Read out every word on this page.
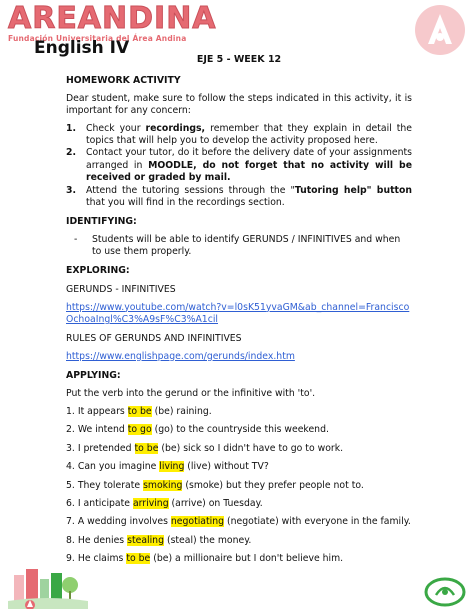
AREANDINA
Fundación Universitaria del Área Andina
English IV
EJE 5 - WEEK 12
HOMEWORK ACTIVITY

Dear student, make sure to follow the steps indicated in this activity, it is important for any concern:

1.	Check your recordings, remember that they explain in detail the topics that will help you to develop the activity proposed here.
2.	Contact your tutor, do it before the delivery date of your assignments arranged in MOODLE, do not forget that no activity will be received or graded by mail.
3.	Attend the tutoring sessions through the "Tutoring help" button that you will find in the recordings section.
IDENTIFYING:
-	Students will be able to identify GERUNDS / INFINITIVES and when to use them properly.
EXPLORING:

GERUNDS - INFINITIVES

https://www.youtube.com/watch?v=l0sK51yvaGM&ab_channel=FranciscoOchoaIngl%C3%A9sF%C3%A1cil

RULES OF GERUNDS AND INFINITIVES

https://www.englishpage.com/gerunds/index.htm

APPLYING:

Put the verb into the gerund or the infinitive with 'to'.

1. It appears to be (be) raining.

2. We intend to go (go) to the countryside this weekend.

3. I pretended to be (be) sick so I didn't have to go to work.

4. Can you imagine living (live) without TV?

5. They tolerate smoking (smoke) but they prefer people not to.

6. I anticipate arriving (arrive) on Tuesday.

7. A wedding involves negotiating (negotiate) with everyone in the family.

8. He denies stealing (steal) the money.

9. He claims to be (be) a millionaire but I don't believe him.
